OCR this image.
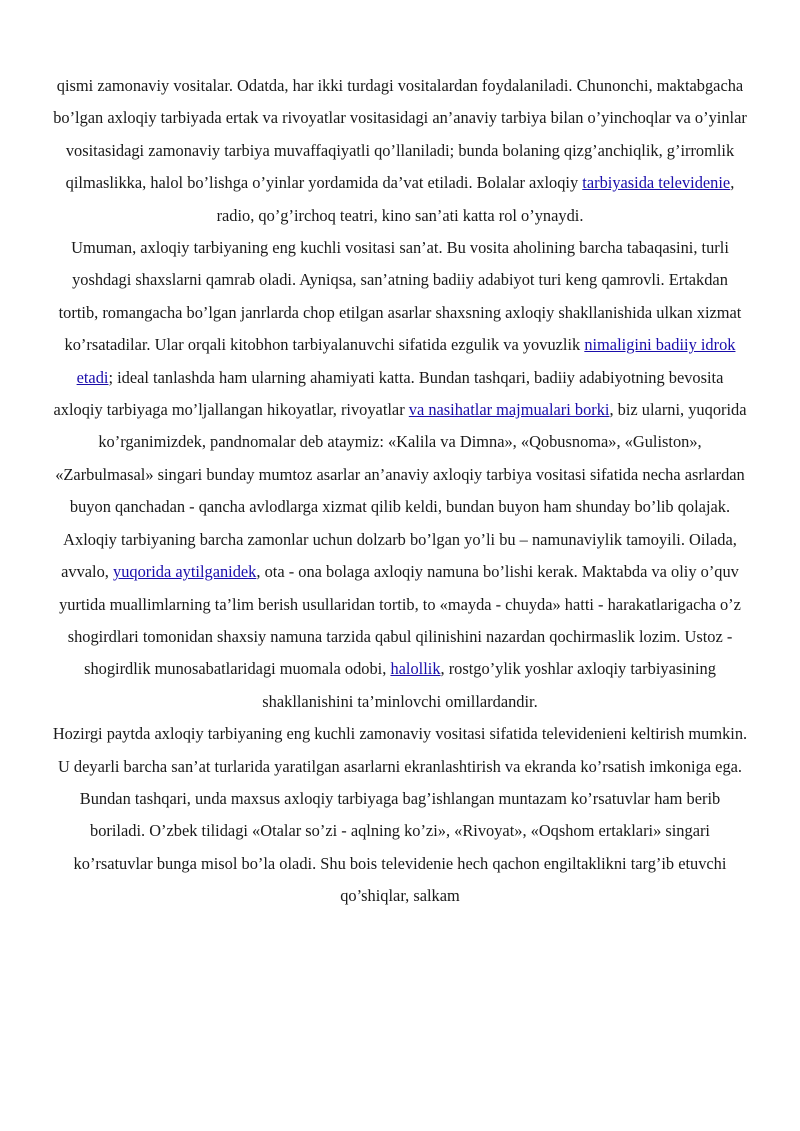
qismi zamonaviy vositalar. Odatda, har ikki turdagi vositalardan foydalaniladi. Chunonchi, maktabgacha bo’lgan axloqiy tarbiyada ertak va rivoyatlar vositasidagi an’anaviy tarbiya bilan o’yinchoqlar va o’yinlar vositasidagi zamonaviy tarbiya muvaffaqiyatli qo’llaniladi; bunda bolaning qizg’anchiqlik, g’irromlik qilmaslikka, halol bo’lishga o’yinlar yordamida da’vat etiladi. Bolalar axloqiy tarbiyasida televidenie, radio, qo’g’irchoq teatri, kino san’ati katta rol o’ynaydi.

Umuman, axloqiy tarbiyaning eng kuchli vositasi san’at. Bu vosita aholining barcha tabaqasini, turli yoshdagi shaxslarni qamrab oladi. Ayniqsa, san’atning badiiy adabiyot turi keng qamrovli. Ertakdan tortib, romangacha bo’lgan janrlarda chop etilgan asarlar shaxsning axloqiy shakllanishida ulkan xizmat ko’rsatadilar. Ular orqali kitobhon tarbiyalanuvchi sifatida ezgulik va yovuzlik nimaligini badiiy idrok etadi; ideal tanlashda ham ularning ahamiyati katta. Bundan tashqari, badiiy adabiyotning bevosita axloqiy tarbiyaga mo’ljallangan hikoyatlar, rivoyatlar va nasihatlar majmualari borki, biz ularni, yuqorida ko’rganimizdek, pandnomalar deb ataymiz: «Kalila va Dimna», «Qobusnoma», «Guliston», «Zarbulmasal» singari bunday mumtoz asarlar an’anaviy axloqiy tarbiya vositasi sifatida necha asrlardan buyon qanchadan - qancha avlodlarga xizmat qilib keldi, bundan buyon ham shunday bo’lib qolajak.

Axloqiy tarbiyaning barcha zamonlar uchun dolzarb bo’lgan yo’li bu – namunaviylik tamoyili. Oilada, avvalo, yuqorida aytilganidek, ota - ona bolaga axloqiy namuna bo’lishi kerak. Maktabda va oliy o’quv yurtida muallimlarning ta’lim berish usullaridan tortib, to «mayda - chuyda» hatti - harakatlarigacha o’z shogirdlari tomonidan shaxsiy namuna tarzida qabul qilinishini nazardan qochirmaslik lozim. Ustoz - shogirdlik munosabatlaridagi muomala odobi, halollik, rostgo’ylik yoshlar axloqiy tarbiyasining shakllanishini ta’minlovchi omillardandir.

Hozirgi paytda axloqiy tarbiyaning eng kuchli zamonaviy vositasi sifatida televidenieni keltirish mumkin. U deyarli barcha san’at turlarida yaratilgan asarlarni ekranlashtirish va ekranda ko’rsatish imkoniga ega. Bundan tashqari, unda maxsus axloqiy tarbiyaga bag’ishlangan muntazam ko’rsatuvlar ham berib boriladi. O’zbek tilidagi «Otalar so’zi - aqlning ko’zi», «Rivoyat», «Oqshom ertaklari» singari ko’rsatuvlar bunga misol bo’la oladi. Shu bois televidenie hech qachon engiltaklikni targ’ib etuvchi qo’shiqlar, salkam
